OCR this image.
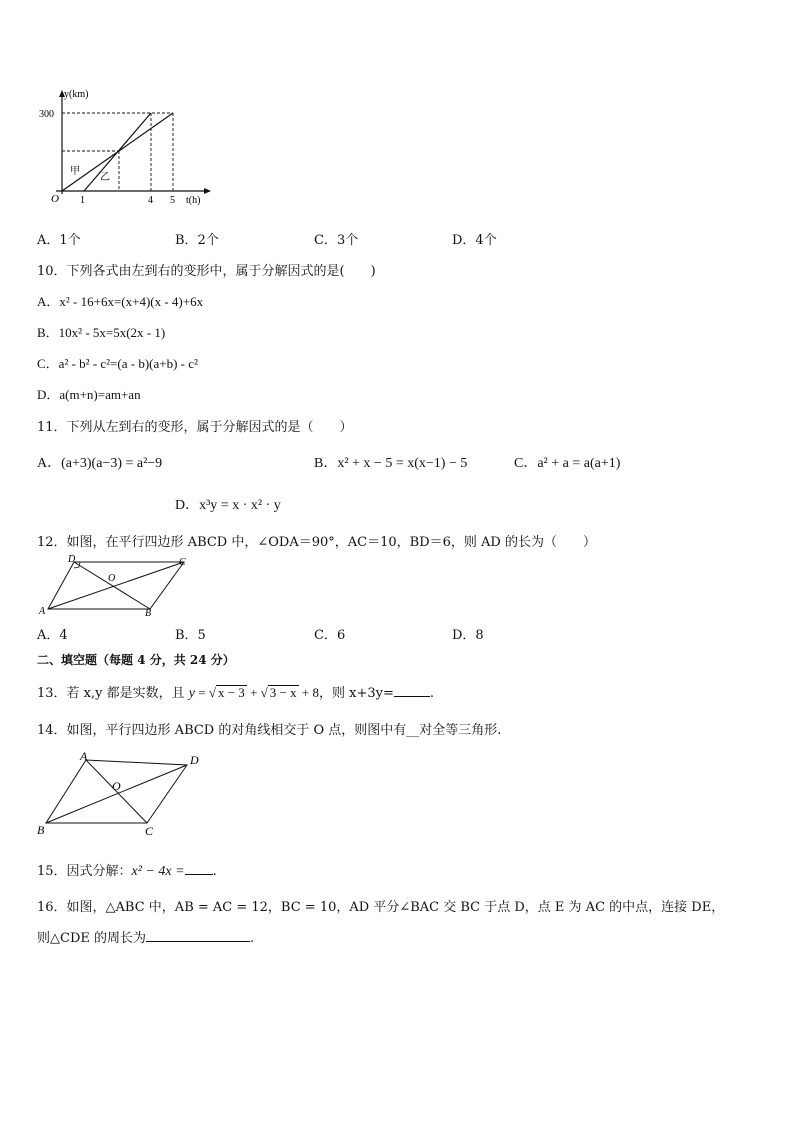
y(km)
300
O 1	4 5 t(h)
甲
乙
A．1个	B．2个	C．3个	D．4个
10．下列各式由左到右的变形中，属于分解因式的是(　　)
A．x² - 16+6x=(x+4)(x - 4)+6x
B．10x² - 5x=5x(2x - 1)
C．a² - b² - c²=(a - b)(a+b) - c²
D．a(m+n)=am+an
11．下列从左到右的变形，属于分解因式的是（　　）
A．(a+3)(a−3) = a²−9	B．x² + x − 5 = x(x−1) − 5	C．a² + a = a(a+1)
D．x³y = x · x² · y
12．如图，在平行四边形 ABCD 中，∠ODA＝90°，AC＝10，BD＝6，则 AD 的长为（　　）
D	C
O
A	B
A．4	B．5	C．6	D．8
二、填空题（每题 4 分，共 24 分）
13．若 x,y 都是实数，且 y = √ x − 3 + √ 3 − x + 8，则 x+3y=	.
14．如图，平行四边形 ABCD 的对角线相交于 O 点，则图中有__对全等三角形.
A	D
O
B	C
15．因式分解：x² − 4x = .
16．如图，△ABC 中，AB = AC = 12，BC = 10，AD 平分∠BAC 交 BC 于点 D，点 E 为 AC 的中点，连接 DE，
则△CDE 的周长为	.
